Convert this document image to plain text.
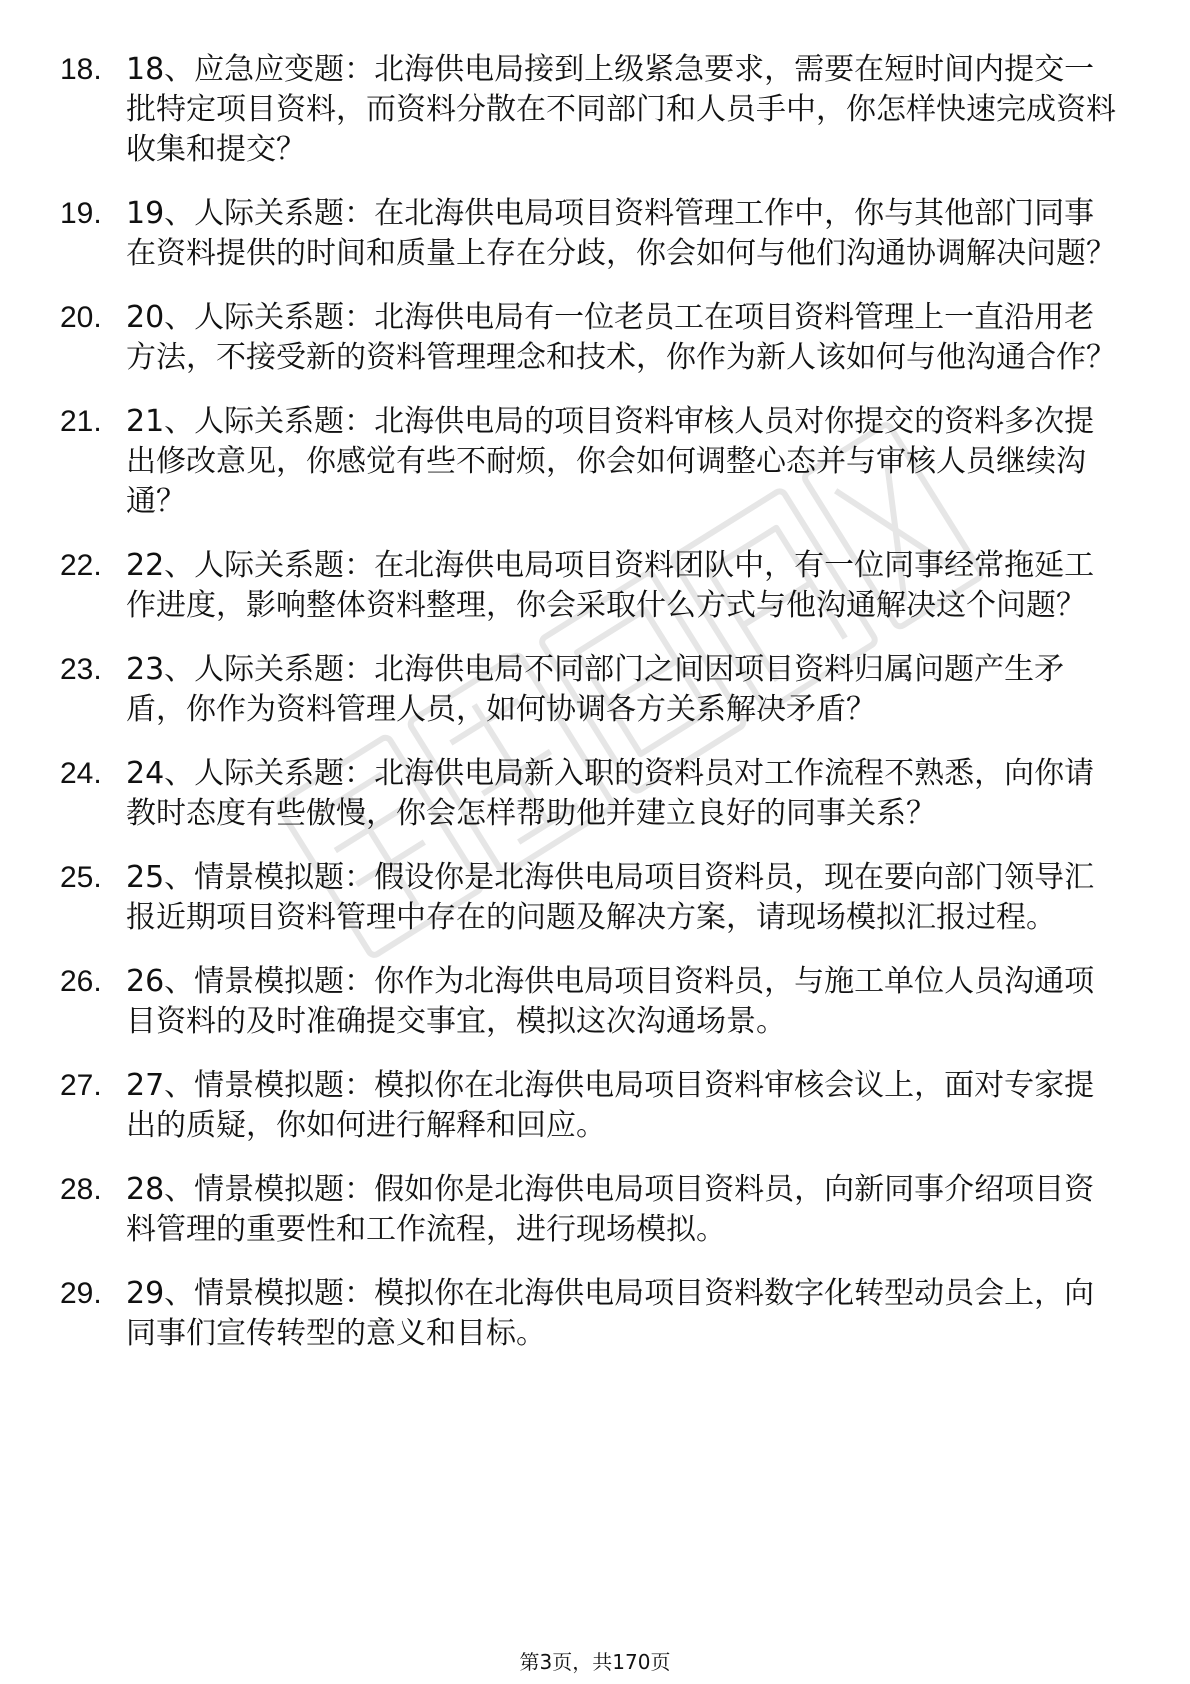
18. 18、应急应变题：北海供电局接到上级紧急要求，需要在短时间内提交一批特定项目资料，而资料分散在不同部门和人员手中，你怎样快速完成资料收集和提交？
19. 19、人际关系题：在北海供电局项目资料管理工作中，你与其他部门同事在资料提供的时间和质量上存在分歧，你会如何与他们沟通协调解决问题？
20. 20、人际关系题：北海供电局有一位老员工在项目资料管理上一直沿用老方法，不接受新的资料管理理念和技术，你作为新人该如何与他沟通合作？
21. 21、人际关系题：北海供电局的项目资料审核人员对你提交的资料多次提出修改意见，你感觉有些不耐烦，你会如何调整心态并与审核人员继续沟通？
22. 22、人际关系题：在北海供电局项目资料团队中，有一位同事经常拖延工作进度，影响整体资料整理，你会采取什么方式与他沟通解决这个问题？
23. 23、人际关系题：北海供电局不同部门之间因项目资料归属问题产生矛盾，你作为资料管理人员，如何协调各方关系解决矛盾？
24. 24、人际关系题：北海供电局新入职的资料员对工作流程不熟悉，向你请教时态度有些傲慢，你会怎样帮助他并建立良好的同事关系？
25. 25、情景模拟题：假设你是北海供电局项目资料员，现在要向部门领导汇报近期项目资料管理中存在的问题及解决方案，请现场模拟汇报过程。
26. 26、情景模拟题：你作为北海供电局项目资料员，与施工单位人员沟通项目资料的及时准确提交事宜，模拟这次沟通场景。
27. 27、情景模拟题：模拟你在北海供电局项目资料审核会议上，面对专家提出的质疑，你如何进行解释和回应。
28. 28、情景模拟题：假如你是北海供电局项目资料员，向新同事介绍项目资料管理的重要性和工作流程，进行现场模拟。
29. 29、情景模拟题：模拟你在北海供电局项目资料数字化转型动员会上，向同事们宣传转型的意义和目标。
第3页，共170页
